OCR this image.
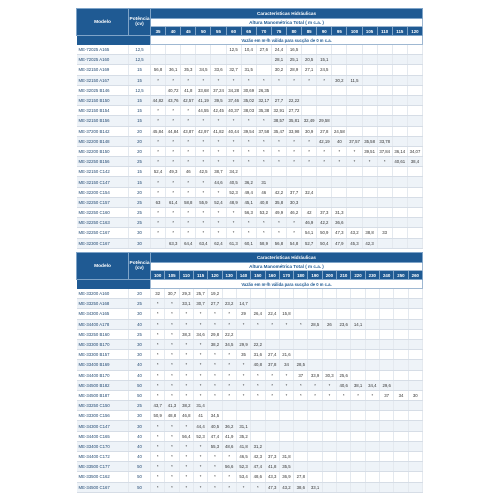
Modelo	Potência (cv)	Características Hidráulicas																	
		Altura Manométrica Total ( m c.a. )																	
		35	40	45	50	55	60	65	70	75	80	85	90	95	100	105	110	115	120
		Vazão em m³/h válida para sucção de 0 m c.a.																	
ME-72025 A165	12,5						12,5	10,4	27,6	24,4	16,5								
ME-72025 A160	12,5									28,1	25,1	20,5	15,1						
ME-32150 A169	15	56,8	36,1	35,3	34,5	33,6	32,7	31,5		30,2	28,9	27,1	24,5						
ME-32150 A167	15	*	*	*	*	*	*	*	*	*	*	*	*	30,2	11,5				
ME-32025 B146	12,5		40,72	41,8	33,68	37,24	34,28	30,69	26,35										
ME-32150 B150	15	44,82	43,76	42,57	41,19	39,5	37,46	35,02	32,17	27,7	22,22								
ME-32150 B154	15	*	*	*	44,55	42,45	40,37	38,03	35,38	32,91	27,72								
ME-32150 B156	15	*	*	*	*	*	*	*	*	38,57	35,81	32,49	29,58						
ME-37200 B142	20	45,84	44,84	43,87	42,97	41,82	40,44	39,54	37,58	35,47	33,98	30,9	27,8	24,58					
ME-32200 B148	20	*	*	*	*	*	*	*	*	*	*	*	42,19	40	37,57	35,58	33,78		
ME-32200 B150	20	*	*	*	*	*	*	*	*	*	*	*	*	*	*	39,51	37,84	36,14	34,07
ME-32250 B156	25	*	*	*	*	*	*	*	*	*	*	*	*	*	*	*	*	40,61	38,4
ME-32150 C142	15	52,4	49,3	46	42,5	38,7	34,2												
ME-32150 C147	15	*	*	*	*	44,6	40,5	36,2	31										
ME-32200 C154	20	*	*	*	*	*	52,3	49,4	46	42,2	37,7	32,4							
ME-32250 C157	25	63	61,4	58,8	55,9	52,4	48,9	45,1	40,8	35,8	30,3								
ME-32250 C160	25	*	*	*	*	*	*	56,3	53,2	49,9	46,2	42	37,3	31,3					
ME-32250 C163	25	*	*	*	*	*	*	*	*	*	*	46,9	42,2	36,6					
ME-32250 C167	30	*	*	*	*	*	*	*	*	*	*	54,1	50,9	47,3	43,2	38,8	33		
ME-32300 C167	30		63,3	64,4	63,4	62,4	61,3	60,1	58,9	56,8	54,8	52,7	50,4	47,9	45,3	42,3			
Modelo	Potência (cv)	Características Hidráulicas																		
		Altura Manométrica Total ( m c.a. )																		
		100	105	110	115	120	130	140	150	160	170	180	190	200	210	220	230	240	250	260
		Vazão em m³/h válida para sucção de 0 m c.a.																		
ME-33200 A160	20	32	30,7	29,3	25,7	19,2														
ME-33250 A168	25	*	*	33,1	30,7	27,7	23,2	14,7												
ME-34300 A165	30	*	*	*	*	*	*	29	26,4	22,4	15,8									
ME-34400 A178	40	*	*	*	*	*	*	*	*	*	*	*	28,5	26	23,6	14,1				
ME-33250 B160	25	*	*	38,3	34,6	29,8	22,2													
ME-33300 B170	30	*	*	*	*	38,2	34,5	29,9	22,2											
ME-33300 B157	30	*	*	*	*	*	*	35	31,6	27,4	21,6									
ME-33400 B169	40	*	*	*	*	*	*	*	40,8	37,8	34	28,5								
ME-34400 B170	40	*	*	*	*	*	*	*	*	*	*	37	33,9	30,3	25,6					
ME-34500 B182	50	*	*	*	*	*	*	*	*	*	*	*	*	*	40,6	38,1	34,4	29,6		
ME-34500 B187	50	*	*	*	*	*	*	*	*	*	*	*	*	*	*	*	*	37	34	30
ME-33250 C150	25	43,7	41,3	38,2	31,4															
ME-33300 C156	30	50,9	48,8	46,8	41	34,5														
ME-34300 C147	30	*	*	*	44,4	40,5	36,2	31,1												
ME-34400 C165	40	*	*	56,4	52,3	47,4	41,9	35,2												
ME-33400 C170	40	*	*	*	*	55,3	48,6	41,8	31,2											
ME-34400 C172	40	*	*	*	*	*	*	46,5	42,3	37,3	31,8									
ME-33500 C177	50	*	*	*	*	*	56,6	52,3	47,4	41,8	35,5									
ME-33500 C162	50	*	*	*	*	*	*	53,4	48,6	43,3	36,9	27,8								
ME-34500 C167	50	*	*	*	*	*	*	*	*	47,3	43,2	38,6	33,1							
